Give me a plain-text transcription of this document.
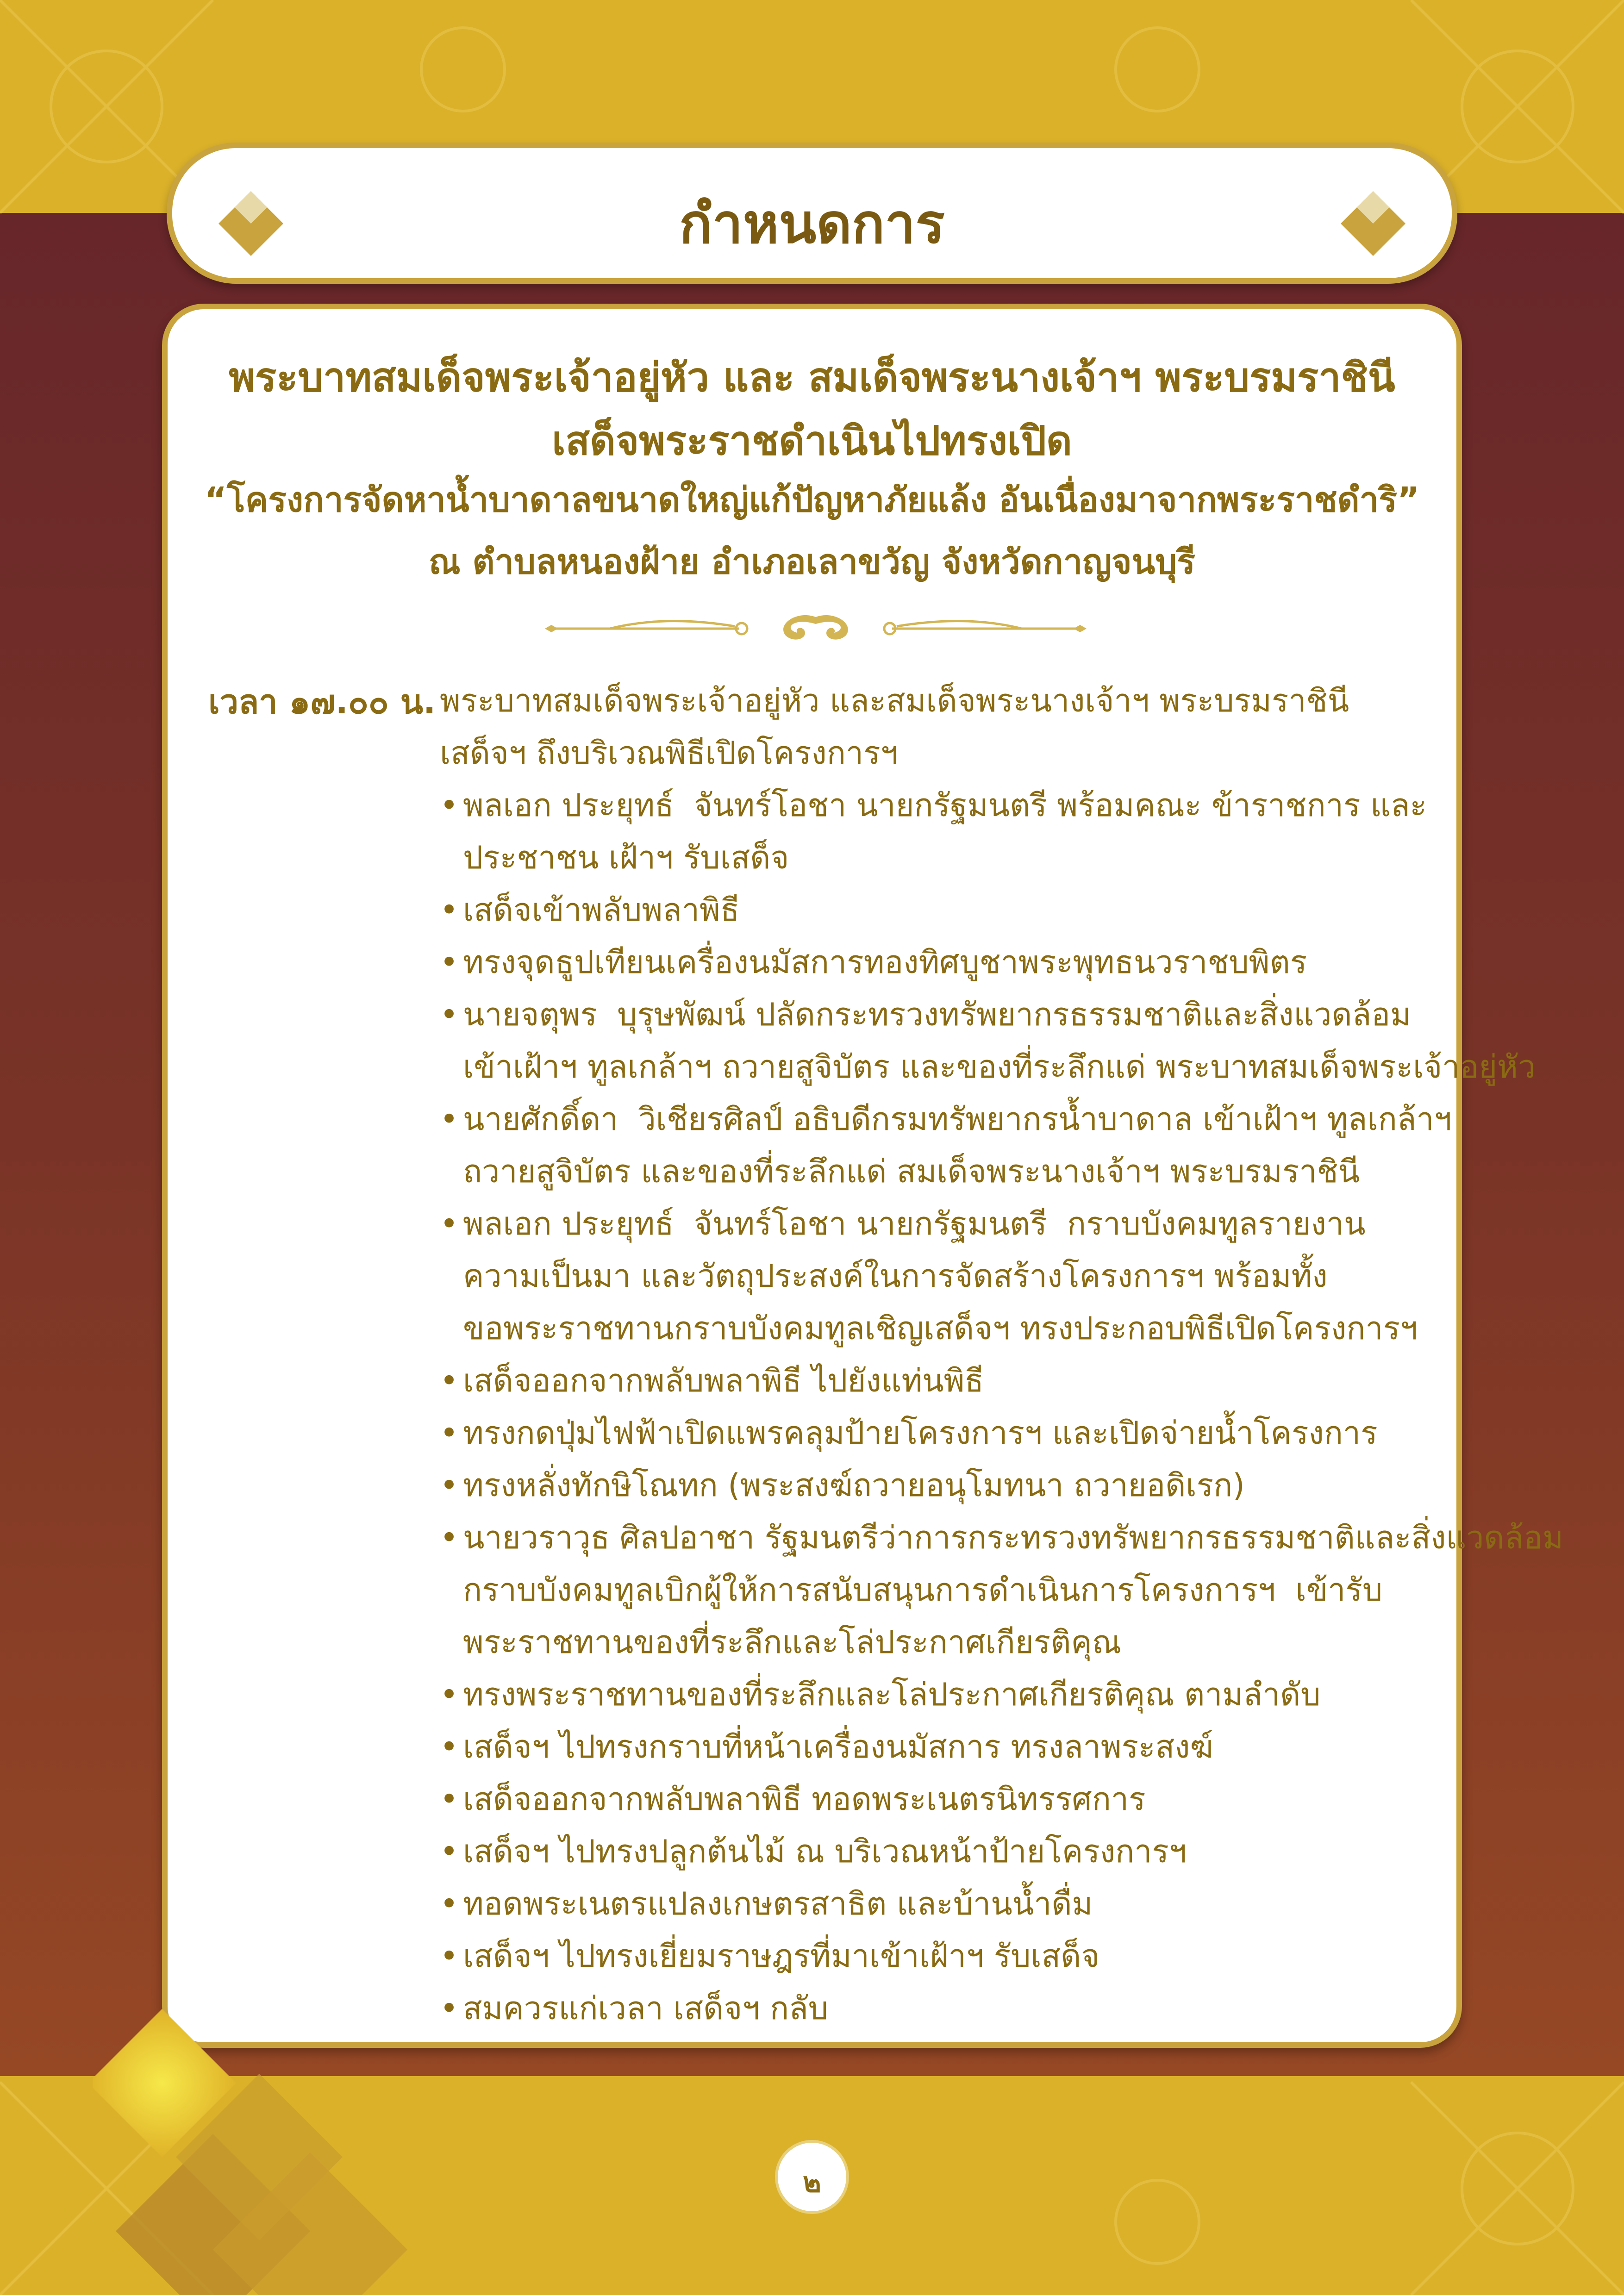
กำหนดการ
พระบาทสมเด็จพระเจ้าอยู่หัว และ สมเด็จพระนางเจ้าฯ พระบรมราชินี
เสด็จพระราชดำเนินไปทรงเปิด
“โครงการจัดหาน้ำบาดาลขนาดใหญ่แก้ปัญหาภัยแล้ง อันเนื่องมาจากพระราชดำริ”
ณ ตำบลหนองฝ้าย อำเภอเลาขวัญ จังหวัดกาญจนบุรี
เวลา ๑๗.๐๐ น. พระบาทสมเด็จพระเจ้าอยู่หัว และสมเด็จพระนางเจ้าฯ พระบรมราชินี
เสด็จฯ ถึงบริเวณพิธีเปิดโครงการฯ
• พลเอก ประยุทธ์  จันทร์โอชา นายกรัฐมนตรี พร้อมคณะ ข้าราชการ และ
ประชาชน เฝ้าฯ รับเสด็จ
• เสด็จเข้าพลับพลาพิธี
• ทรงจุดธูปเทียนเครื่องนมัสการทองทิศบูชาพระพุทธนวราชบพิตร
• นายจตุพร  บุรุษพัฒน์ ปลัดกระทรวงทรัพยากรธรรมชาติและสิ่งแวดล้อม
เข้าเฝ้าฯ ทูลเกล้าฯ ถวายสูจิบัตร และของที่ระลึกแด่ พระบาทสมเด็จพระเจ้าอยู่หัว
• นายศักดิ์ดา  วิเชียรศิลป์ อธิบดีกรมทรัพยากรน้ำบาดาล เข้าเฝ้าฯ ทูลเกล้าฯ
ถวายสูจิบัตร และของที่ระลึกแด่ สมเด็จพระนางเจ้าฯ พระบรมราชินี
• พลเอก ประยุทธ์  จันทร์โอชา นายกรัฐมนตรี  กราบบังคมทูลรายงาน
ความเป็นมา และวัตถุประสงค์ในการจัดสร้างโครงการฯ พร้อมทั้ง
ขอพระราชทานกราบบังคมทูลเชิญเสด็จฯ ทรงประกอบพิธีเปิดโครงการฯ
• เสด็จออกจากพลับพลาพิธี ไปยังแท่นพิธี
• ทรงกดปุ่มไฟฟ้าเปิดแพรคลุมป้ายโครงการฯ และเปิดจ่ายน้ำโครงการ
• ทรงหลั่งทักษิโณทก (พระสงฆ์ถวายอนุโมทนา ถวายอดิเรก)
• นายวราวุธ ศิลปอาชา รัฐมนตรีว่าการกระทรวงทรัพยากรธรรมชาติและสิ่งแวดล้อม
กราบบังคมทูลเบิกผู้ให้การสนับสนุนการดำเนินการโครงการฯ  เข้ารับ
พระราชทานของที่ระลึกและโล่ประกาศเกียรติคุณ
• ทรงพระราชทานของที่ระลึกและโล่ประกาศเกียรติคุณ ตามลำดับ
• เสด็จฯ ไปทรงกราบที่หน้าเครื่องนมัสการ ทรงลาพระสงฆ์
• เสด็จออกจากพลับพลาพิธี ทอดพระเนตรนิทรรศการ
• เสด็จฯ ไปทรงปลูกต้นไม้ ณ บริเวณหน้าป้ายโครงการฯ
• ทอดพระเนตรแปลงเกษตรสาธิต และบ้านน้ำดื่ม
• เสด็จฯ ไปทรงเยี่ยมราษฎรที่มาเข้าเฝ้าฯ รับเสด็จ
• สมควรแก่เวลา เสด็จฯ กลับ
๒
